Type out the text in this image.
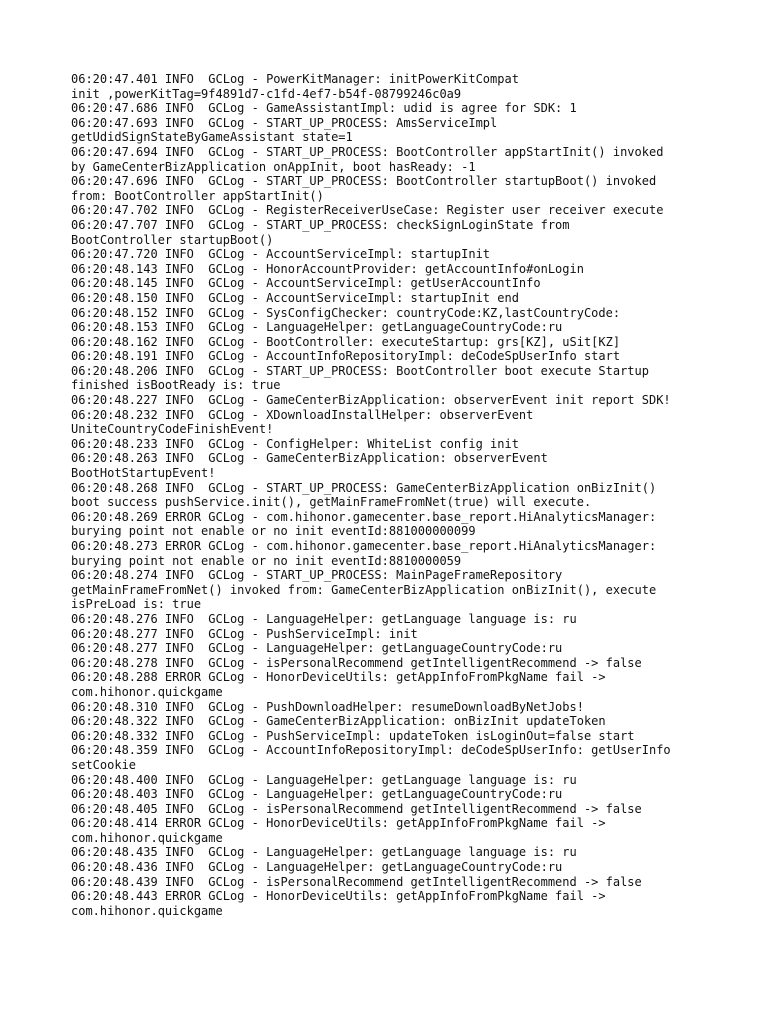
06:20:47.401 INFO  GCLog - PowerKitManager: initPowerKitCompat
init ,powerKitTag=9f4891d7-c1fd-4ef7-b54f-08799246c0a9
06:20:47.686 INFO  GCLog - GameAssistantImpl: udid is agree for SDK: 1
06:20:47.693 INFO  GCLog - START_UP_PROCESS: AmsServiceImpl
getUdidSignStateByGameAssistant state=1
06:20:47.694 INFO  GCLog - START_UP_PROCESS: BootController appStartInit() invoked
by GameCenterBizApplication onAppInit, boot hasReady: -1
06:20:47.696 INFO  GCLog - START_UP_PROCESS: BootController startupBoot() invoked
from: BootController appStartInit()
06:20:47.702 INFO  GCLog - RegisterReceiverUseCase: Register user receiver execute
06:20:47.707 INFO  GCLog - START_UP_PROCESS: checkSignLoginState from
BootController startupBoot()
06:20:47.720 INFO  GCLog - AccountServiceImpl: startupInit
06:20:48.143 INFO  GCLog - HonorAccountProvider: getAccountInfo#onLogin
06:20:48.145 INFO  GCLog - AccountServiceImpl: getUserAccountInfo
06:20:48.150 INFO  GCLog - AccountServiceImpl: startupInit end
06:20:48.152 INFO  GCLog - SysConfigChecker: countryCode:KZ,lastCountryCode:
06:20:48.153 INFO  GCLog - LanguageHelper: getLanguageCountryCode:ru
06:20:48.162 INFO  GCLog - BootController: executeStartup: grs[KZ], uSit[KZ]
06:20:48.191 INFO  GCLog - AccountInfoRepositoryImpl: deCodeSpUserInfo start
06:20:48.206 INFO  GCLog - START_UP_PROCESS: BootController boot execute Startup
finished isBootReady is: true
06:20:48.227 INFO  GCLog - GameCenterBizApplication: observerEvent init report SDK!
06:20:48.232 INFO  GCLog - XDownloadInstallHelper: observerEvent
UniteCountryCodeFinishEvent!
06:20:48.233 INFO  GCLog - ConfigHelper: WhiteList config init
06:20:48.263 INFO  GCLog - GameCenterBizApplication: observerEvent
BootHotStartupEvent!
06:20:48.268 INFO  GCLog - START_UP_PROCESS: GameCenterBizApplication onBizInit()
boot success pushService.init(), getMainFrameFromNet(true) will execute.
06:20:48.269 ERROR GCLog - com.hihonor.gamecenter.base_report.HiAnalyticsManager:
burying point not enable or no init eventId:881000000099
06:20:48.273 ERROR GCLog - com.hihonor.gamecenter.base_report.HiAnalyticsManager:
burying point not enable or no init eventId:8810000059
06:20:48.274 INFO  GCLog - START_UP_PROCESS: MainPageFrameRepository
getMainFrameFromNet() invoked from: GameCenterBizApplication onBizInit(), execute
isPreLoad is: true
06:20:48.276 INFO  GCLog - LanguageHelper: getLanguage language is: ru
06:20:48.277 INFO  GCLog - PushServiceImpl: init
06:20:48.277 INFO  GCLog - LanguageHelper: getLanguageCountryCode:ru
06:20:48.278 INFO  GCLog - isPersonalRecommend getIntelligentRecommend -> false
06:20:48.288 ERROR GCLog - HonorDeviceUtils: getAppInfoFromPkgName fail ->
com.hihonor.quickgame
06:20:48.310 INFO  GCLog - PushDownloadHelper: resumeDownloadByNetJobs!
06:20:48.322 INFO  GCLog - GameCenterBizApplication: onBizInit updateToken
06:20:48.332 INFO  GCLog - PushServiceImpl: updateToken isLoginOut=false start
06:20:48.359 INFO  GCLog - AccountInfoRepositoryImpl: deCodeSpUserInfo: getUserInfo
setCookie
06:20:48.400 INFO  GCLog - LanguageHelper: getLanguage language is: ru
06:20:48.403 INFO  GCLog - LanguageHelper: getLanguageCountryCode:ru
06:20:48.405 INFO  GCLog - isPersonalRecommend getIntelligentRecommend -> false
06:20:48.414 ERROR GCLog - HonorDeviceUtils: getAppInfoFromPkgName fail ->
com.hihonor.quickgame
06:20:48.435 INFO  GCLog - LanguageHelper: getLanguage language is: ru
06:20:48.436 INFO  GCLog - LanguageHelper: getLanguageCountryCode:ru
06:20:48.439 INFO  GCLog - isPersonalRecommend getIntelligentRecommend -> false
06:20:48.443 ERROR GCLog - HonorDeviceUtils: getAppInfoFromPkgName fail ->
com.hihonor.quickgame
